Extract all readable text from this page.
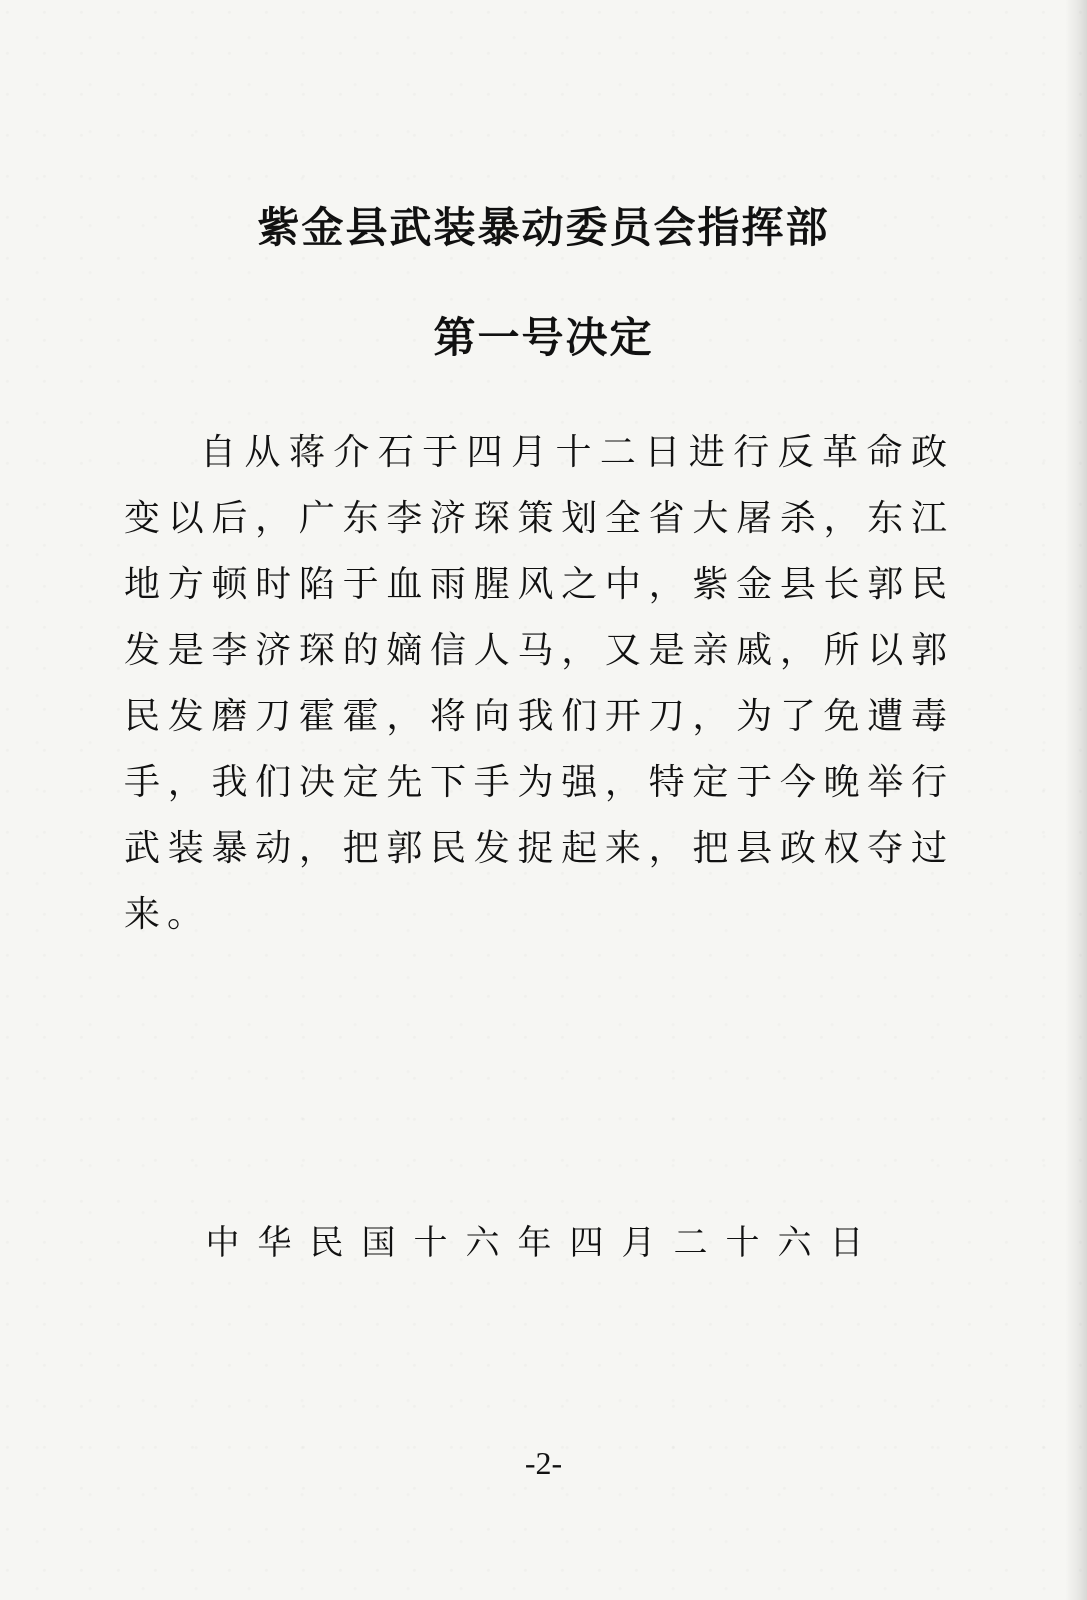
紫金县武装暴动委员会指挥部
第一号决定
自从蒋介石于四月十二日进行反革命政变以后，广东李济琛策划全省大屠杀，东江地方顿时陷于血雨腥风之中，紫金县长郭民发是李济琛的嫡信人马，又是亲戚，所以郭民发磨刀霍霍，将向我们开刀，为了免遭毒手，我们决定先下手为强，特定于今晚举行武装暴动，把郭民发捉起来，把县政权夺过来。
中华民国十六年四月二十六日
-2-
